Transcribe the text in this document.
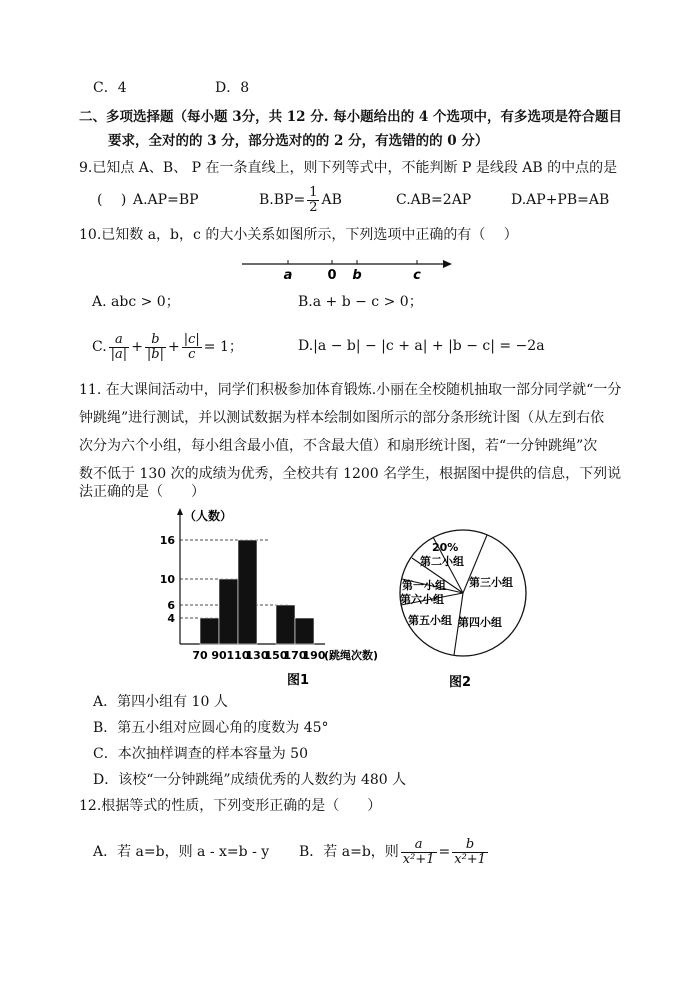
C．4	D．8
二、多项选择题（每小题 3分，共 12 分. 每小题给出的 4 个选项中，有多选项是符合题目
要求，全对的的 3 分，部分选对的的 2 分，有选错的的 0 分）
9.已知点 A、B、 P 在一条直线上，则下列等式中，不能判断 P 是线段 AB 的中点的是
(　 ) A.AP=BP	$B.BP= \frac{1}{2}$ AB	C.AB=2AP	D.AP+PB=AB
10.已知数 a，b，c 的大小关系如图所示，下列选项中正确的有（　 ）
a	0 b	c
A. abc > 0；	B.a + b − c > 0；
C. $\frac{a}{|a|} + \frac{b}{|b|} + \frac{|c|}{c} = 1$；	D.|a − b| − |c + a| + |b − c| = −2a
11. 在大课间活动中，同学们积极参加体育锻炼.小丽在全校随机抽取一部分同学就“一分
钟跳绳”进行测试，并以测试数据为样本绘制如图所示的部分条形统计图（从左到右依
次分为六个小组，每小组含最小值，不含最大值）和扇形统计图，若“一分钟跳绳”次
数不低于 130 次的成绩为优秀，全校共有 1200 名学生，根据图中提供的信息，下列说
法正确的是（　　）
（人数）
图1
4
6
10
16
70 90 110
130
150
170
190
(跳绳次数)
20%
第二小组
第三小组
第四小组
第五小组
第六小组
第一小组
图2
A．第四小组有 10 人
B．第五小组对应圆心角的度数为 45°
C．本次抽样调查的样本容量为 50
D．该校“一分钟跳绳”成绩优秀的人数约为 480 人
12.根据等式的性质，下列变形正确的是（　　）
A．若 a=b，则 a - x=b - y B．若 a=b，则 $\frac{a}{\text{x²+1}} = \frac{b}{\text{x²+1}}$
